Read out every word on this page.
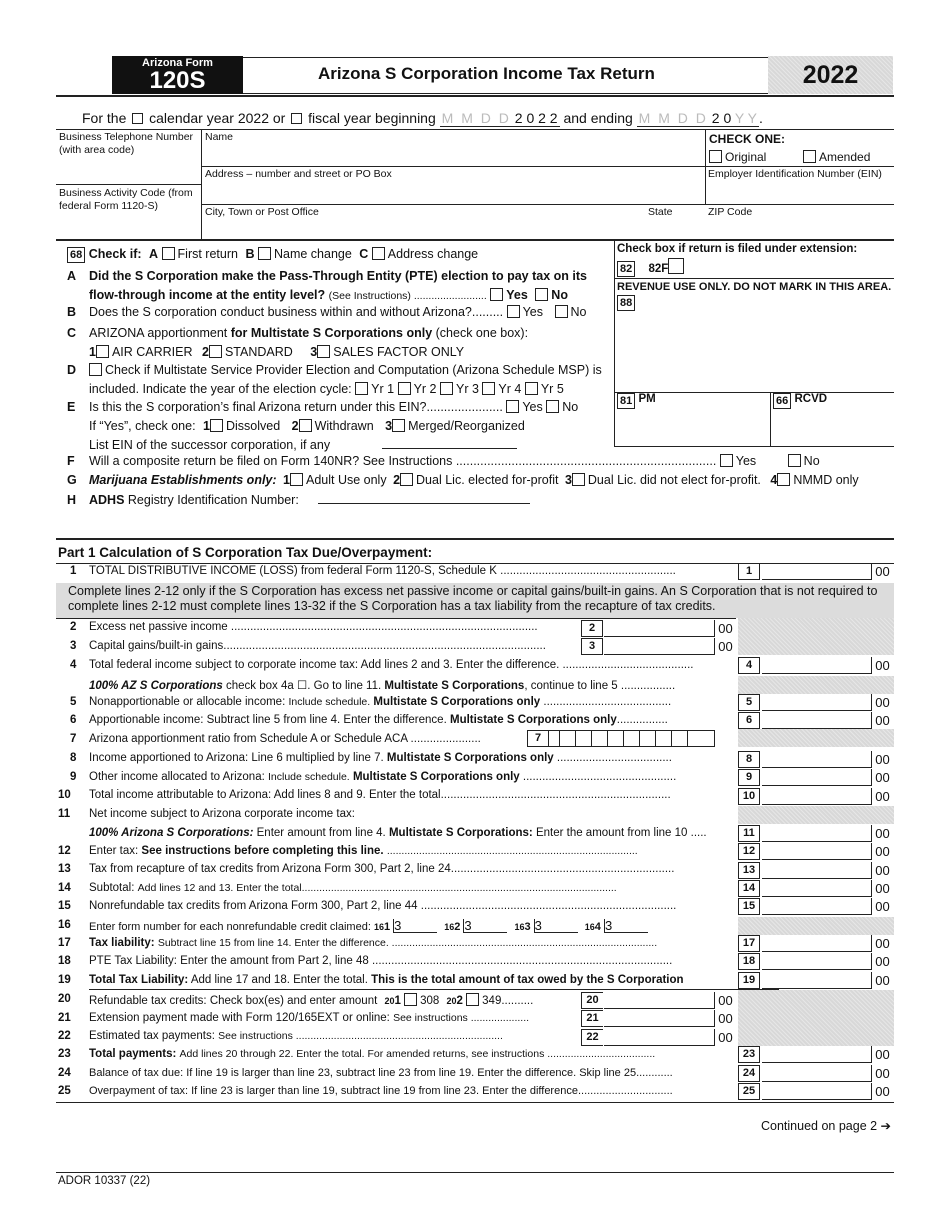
Arizona Form
120S	Arizona S Corporation Income Tax Return	2022
For the calendar year 2022 or fiscal year beginning M M D D 2 0 2 2 and ending M M D D 2 0 Y Y .
Business Telephone Number (with area code)
Name	CHECK ONE:
Original	Amended
Address – number and street or PO Box	Employer Identification Number (EIN)
Business Activity Code (from federal Form 1120-S)	City, Town or Post Office	State	ZIP Code
68 Check if: A First return B Name change C Address change
A Did the S Corporation make the Pass-Through Entity (PTE) election to pay tax on its
flow-through income at the entity level? (See Instructions) ......................... Yes No
B Does the S corporation conduct business within and without Arizona?......... Yes No
C ARIZONA apportionment for Multistate S Corporations only (check one box):
1 AIR CARRIER 2 STANDARD 3 SALES FACTOR ONLY
D Check if Multistate Service Provider Election and Computation (Arizona Schedule MSP) is
included. Indicate the year of the election cycle: Yr 1 Yr 2 Yr 3 Yr 4 Yr 5
E Is this the S corporation’s final Arizona return under this EIN?...................... Yes No
If “Yes”, check one: 1 Dissolved 2 Withdrawn 3 Merged/Reorganized
List EIN of the successor corporation, if any
F Will a composite return be filed on Form 140NR? See Instructions ........................................................................... Yes	No
G Marijuana Establishments only: 1 Adult Use only 2 Dual Lic. elected for-profit 3 Dual Lic. did not elect for-profit. 4 NMMD only
H ADHS Registry Identification Number:
Check box if return is filed under extension:
82 82F
REVENUE USE ONLY. DO NOT MARK IN THIS AREA.
88
81 PM	66 RCVD
Part 1 Calculation of S Corporation Tax Due/Overpayment:
1	TOTAL DISTRIBUTIVE INCOME (LOSS) from federal Form 1120-S, Schedule K .......................................................	1	00
Complete lines 2-12 only if the S Corporation has excess net passive income or capital gains/built-in gains. An S Corporation that is not required to complete lines 2-12 must complete lines 13-32 if the S Corporation has a tax liability from the recapture of tax credits.
Continued on page 2 ➔
ADOR 10337 (22)
2	Excess net passive income ................................................................................................	2	00
3	Capital gains/built-in gains.....................................................................................................	3	00
4	Total federal income subject to corporate income tax: Add lines 2 and 3. Enter the difference. .........................................	4	00
100% AZ S Corporations check box 4a ☐. Go to line 11. Multistate S Corporations, continue to line 5 .................
5	Nonapportionable or allocable income: Include schedule. Multistate S Corporations only ........................................	5	00
6	Apportionable income: Subtract line 5 from line 4. Enter the difference. Multistate S Corporations only................	6	00
7	Arizona apportionment ratio from Schedule A or Schedule ACA ......................	7
8	Income apportioned to Arizona: Line 6 multiplied by line 7. Multistate S Corporations only ....................................	8	00
9	Other income allocated to Arizona: Include schedule. Multistate S Corporations only ................................................	9	00
10	Total income attributable to Arizona: Add lines 8 and 9. Enter the total........................................................................	10	00
11	Net income subject to Arizona corporate income tax:
100% Arizona S Corporations: Enter amount from line 4. Multistate S Corporations: Enter the amount from line 10 .....	11	00
12	Enter tax: See instructions before completing this line. ......................................................................................	12	00
13	Tax from recapture of tax credits from Arizona Form 300, Part 2, line 24......................................................................	13	00
14	Subtotal: Add lines 12 and 13. Enter the total............................................................................................................	14	00
15	Nonrefundable tax credits from Arizona Form 300, Part 2, line 44 ................................................................................	15	00
16	Enter form number for each nonrefundable credit claimed: 161 3	162 3	163 3	164 3
17	Tax liability: Subtract line 15 from line 14. Enter the difference. ...........................................................................................	17	00
18	PTE Tax Liability: Enter the amount from Part 2, line 48 ..............................................................................................	18	00
19	Total Tax Liability: Add line 17 and 18. Enter the total. This is the total amount of tax owed by the S Corporation	19	00
20	Refundable tax credits: Check box(es) and enter amount 201 308 202 349..........	20	00
21	Extension payment made with Form 120/165EXT or online: See instructions ....................	21	00
22	Estimated tax payments: See instructions .......................................................................	22	00
23	Total payments: Add lines 20 through 22. Enter the total. For amended returns, see instructions .....................................	23	00
24	Balance of tax due: If line 19 is larger than line 23, subtract line 23 from line 19. Enter the difference. Skip line 25............	24	00
25	Overpayment of tax: If line 23 is larger than line 19, subtract line 19 from line 23. Enter the difference...............................	25	00
